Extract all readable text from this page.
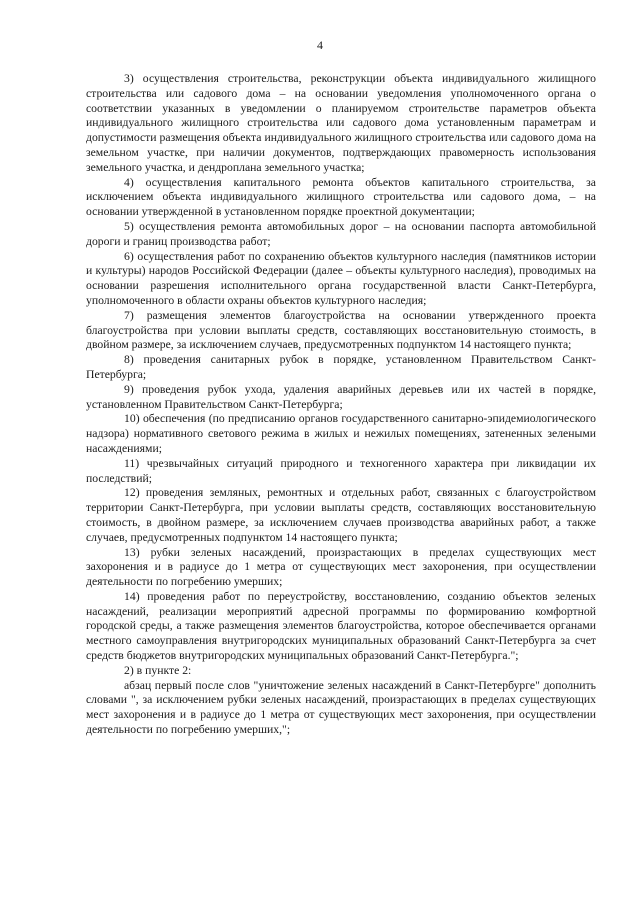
4

3) осуществления строительства, реконструкции объекта индивидуального жилищного строительства или садового дома – на основании уведомления уполномоченного органа о соответствии указанных в уведомлении о планируемом строительстве параметров объекта индивидуального жилищного строительства или садового дома установленным параметрам и допустимости размещения объекта индивидуального жилищного строительства или садового дома на земельном участке, при наличии документов, подтверждающих правомерность использования земельного участка, и дендроплана земельного участка;

4) осуществления капитального ремонта объектов капитального строительства, за исключением объекта индивидуального жилищного строительства или садового дома, – на основании утвержденной в установленном порядке проектной документации;

5) осуществления ремонта автомобильных дорог – на основании паспорта автомобильной дороги и границ производства работ;

6) осуществления работ по сохранению объектов культурного наследия (памятников истории и культуры) народов Российской Федерации (далее – объекты культурного наследия), проводимых на основании разрешения исполнительного органа государственной власти Санкт-Петербурга, уполномоченного в области охраны объектов культурного наследия;

7) размещения элементов благоустройства на основании утвержденного проекта благоустройства при условии выплаты средств, составляющих восстановительную стоимость, в двойном размере, за исключением случаев, предусмотренных подпунктом 14 настоящего пункта;

8) проведения санитарных рубок в порядке, установленном Правительством Санкт-Петербурга;

9) проведения рубок ухода, удаления аварийных деревьев или их частей в порядке, установленном Правительством Санкт-Петербурга;

10) обеспечения (по предписанию органов государственного санитарно-эпидемиологического надзора) нормативного светового режима в жилых и нежилых помещениях, затененных зелеными насаждениями;

11) чрезвычайных ситуаций природного и техногенного характера при ликвидации их последствий;

12) проведения земляных, ремонтных и отдельных работ, связанных с благоустройством территории Санкт-Петербурга, при условии выплаты средств, составляющих восстановительную стоимость, в двойном размере, за исключением случаев производства аварийных работ, а также случаев, предусмотренных подпунктом 14 настоящего пункта;

13) рубки зеленых насаждений, произрастающих в пределах существующих мест захоронения и в радиусе до 1 метра от существующих мест захоронения, при осуществлении деятельности по погребению умерших;

14) проведения работ по переустройству, восстановлению, созданию объектов зеленых насаждений, реализации мероприятий адресной программы по формированию комфортной городской среды, а также размещения элементов благоустройства, которое обеспечивается органами местного самоуправления внутригородских муниципальных образований Санкт-Петербурга за счет средств бюджетов внутригородских муниципальных образований Санкт-Петербурга.";

2) в пункте 2:

абзац первый после слов "уничтожение зеленых насаждений в Санкт-Петербурге" дополнить словами ", за исключением рубки зеленых насаждений, произрастающих в пределах существующих мест захоронения и в радиусе до 1 метра от существующих мест захоронения, при осуществлении деятельности по погребению умерших,";
